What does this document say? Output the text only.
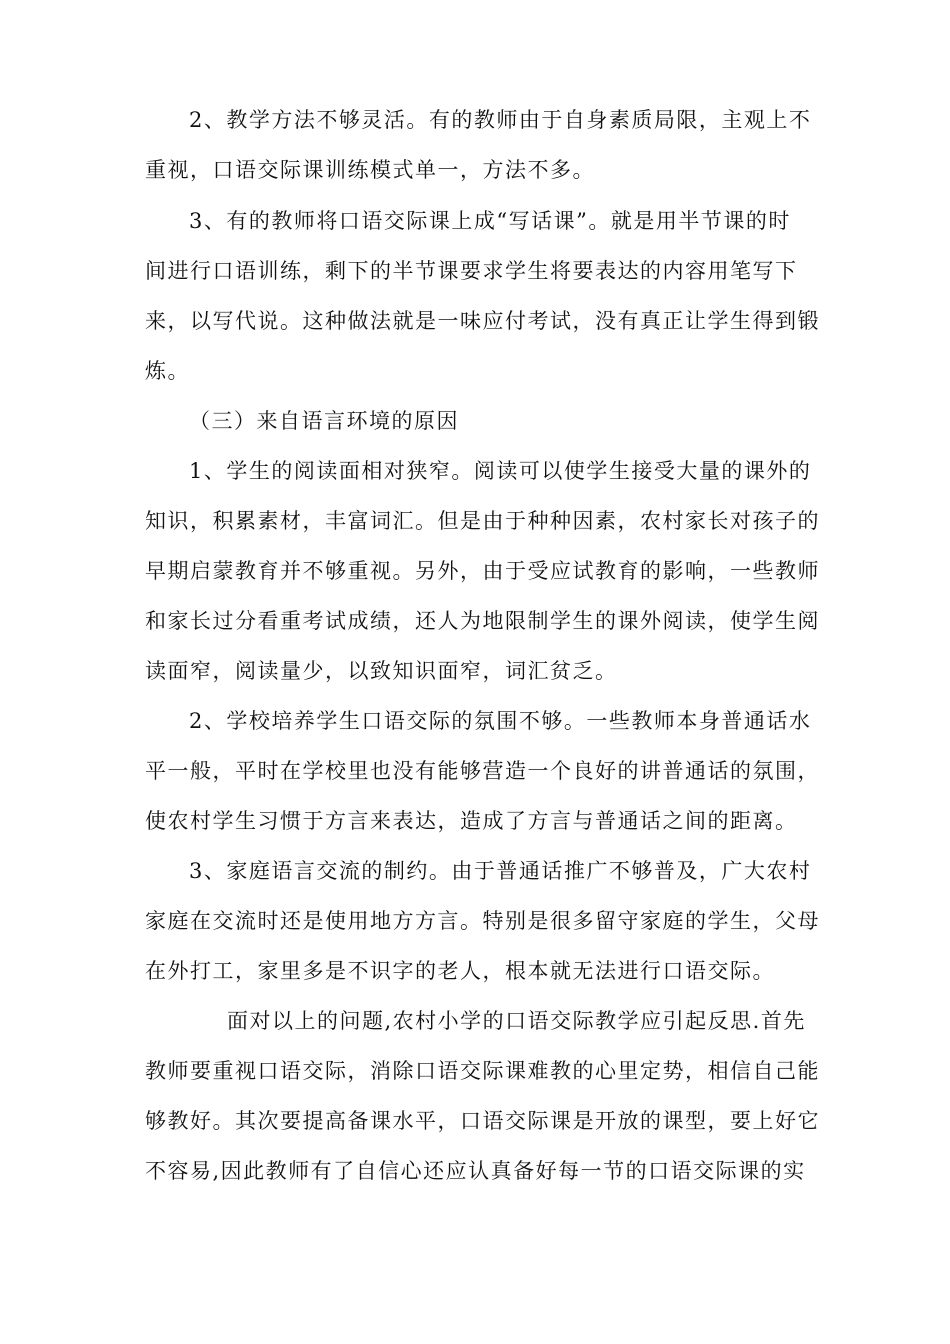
2、教学方法不够灵活。有的教师由于自身素质局限，主观上不
重视，口语交际课训练模式单一，方法不多。
3、有的教师将口语交际课上成“写话课”。就是用半节课的时
间进行口语训练，剩下的半节课要求学生将要表达的内容用笔写下
来，以写代说。这种做法就是一味应付考试，没有真正让学生得到锻
炼。
（三）来自语言环境的原因
1、学生的阅读面相对狭窄。阅读可以使学生接受大量的课外的
知识，积累素材，丰富词汇。但是由于种种因素，农村家长对孩子的
早期启蒙教育并不够重视。另外，由于受应试教育的影响，一些教师
和家长过分看重考试成绩，还人为地限制学生的课外阅读，使学生阅
读面窄，阅读量少，以致知识面窄，词汇贫乏。
2、学校培养学生口语交际的氛围不够。一些教师本身普通话水
平一般，平时在学校里也没有能够营造一个良好的讲普通话的氛围，
使农村学生习惯于方言来表达，造成了方言与普通话之间的距离。
3、家庭语言交流的制约。由于普通话推广不够普及，广大农村
家庭在交流时还是使用地方方言。特别是很多留守家庭的学生，父母
在外打工，家里多是不识字的老人，根本就无法进行口语交际。
面对以上的问题,农村小学的口语交际教学应引起反思.首先
教师要重视口语交际，消除口语交际课难教的心里定势，相信自己能
够教好。其次要提高备课水平，口语交际课是开放的课型，要上好它
不容易,因此教师有了自信心还应认真备好每一节的口语交际课的实
